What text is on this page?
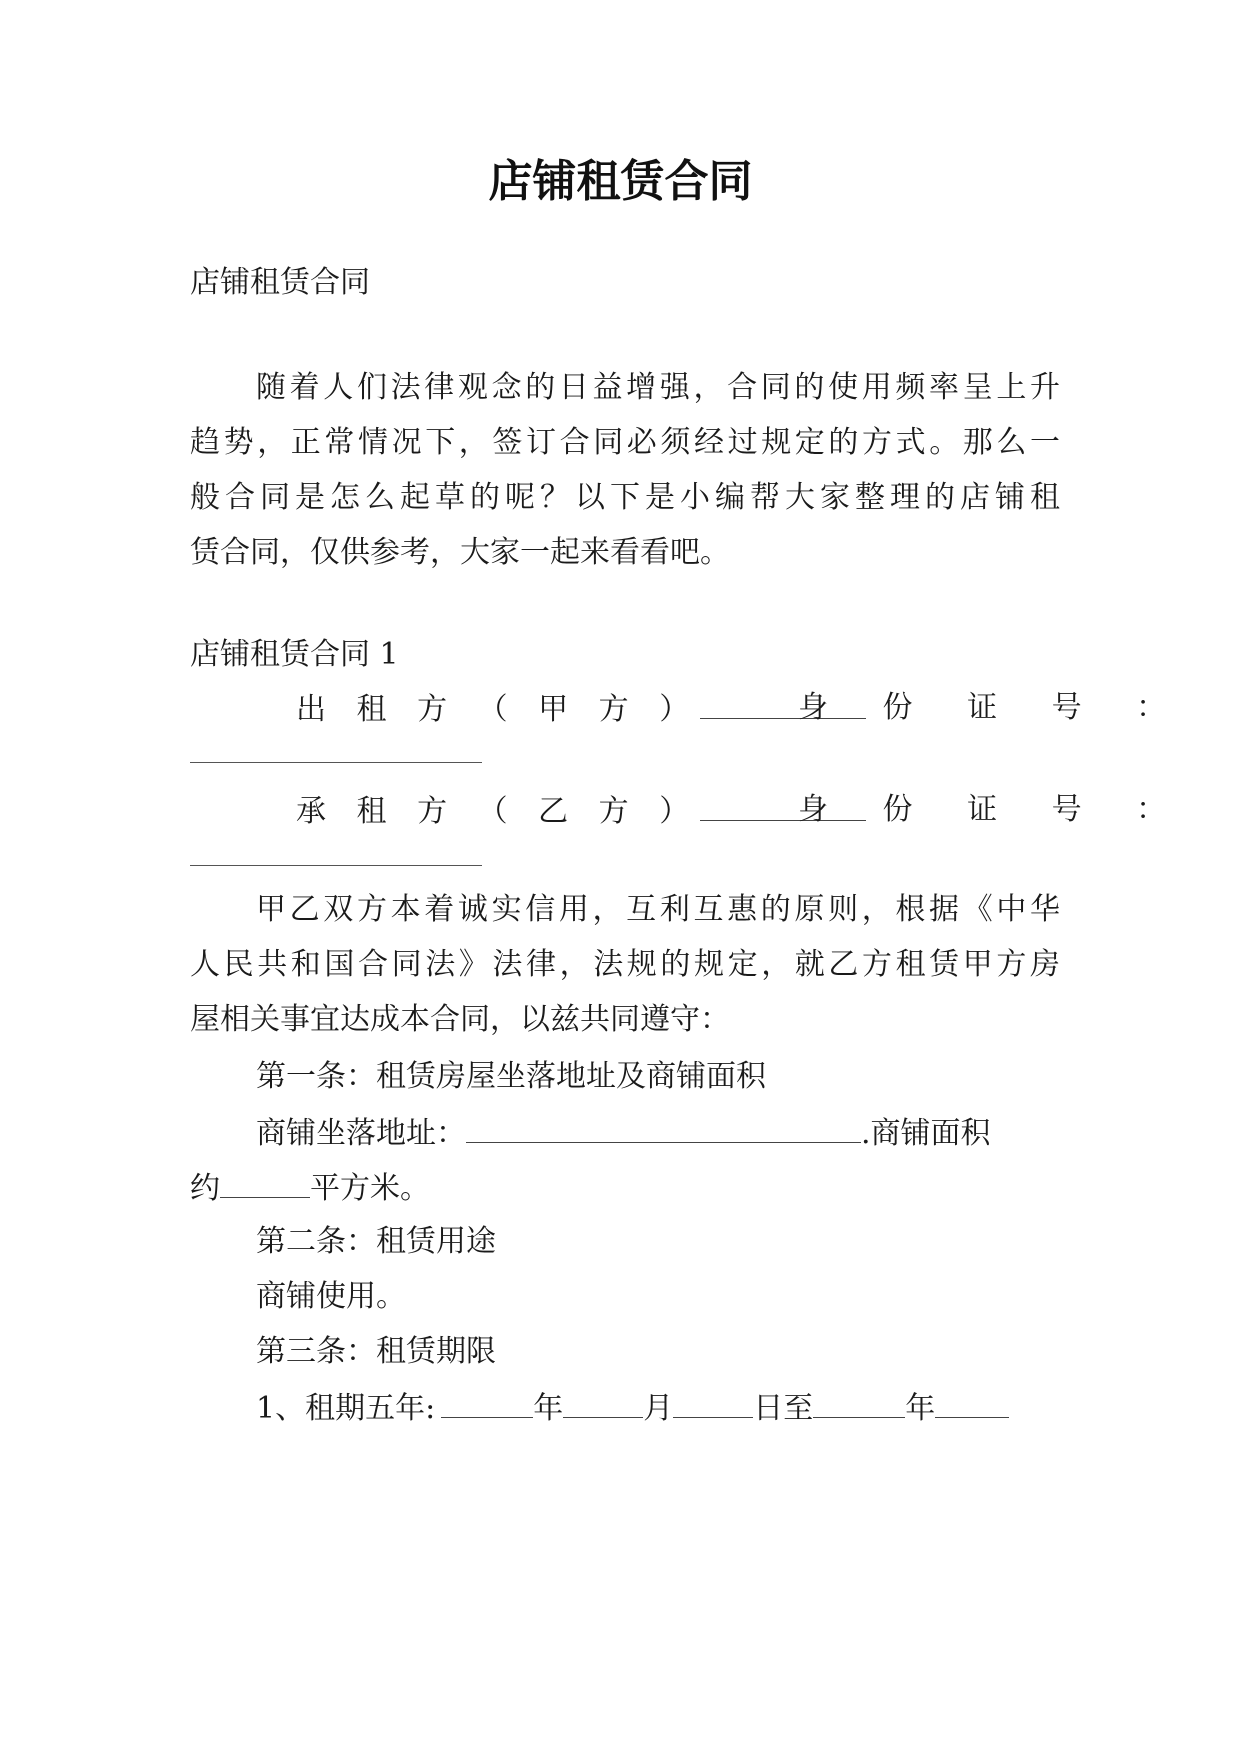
店铺租赁合同
店铺租赁合同
随着人们法律观念的日益增强，合同的使用频率呈上升
趋势，正常情况下，签订合同必须经过规定的方式。那么一
般合同是怎么起草的呢？以下是小编帮大家整理的店铺租
赁合同，仅供参考，大家一起来看看吧。
店铺租赁合同 1
出 租 方 （ 甲 方 ）	身 份 证 号 ：
承 租 方 （ 乙 方 ）	身 份 证 号 ：
甲乙双方本着诚实信用，互利互惠的原则，根据《中华
人民共和国合同法》法律，法规的规定，就乙方租赁甲方房
屋相关事宜达成本合同，以兹共同遵守：
第一条：租赁房屋坐落地址及商铺面积
商铺坐落地址：	.商铺面积
约	平方米。
第二条：租赁用途
商铺使用。
第三条：租赁期限
1、租期五年:	年	月	日至	年
